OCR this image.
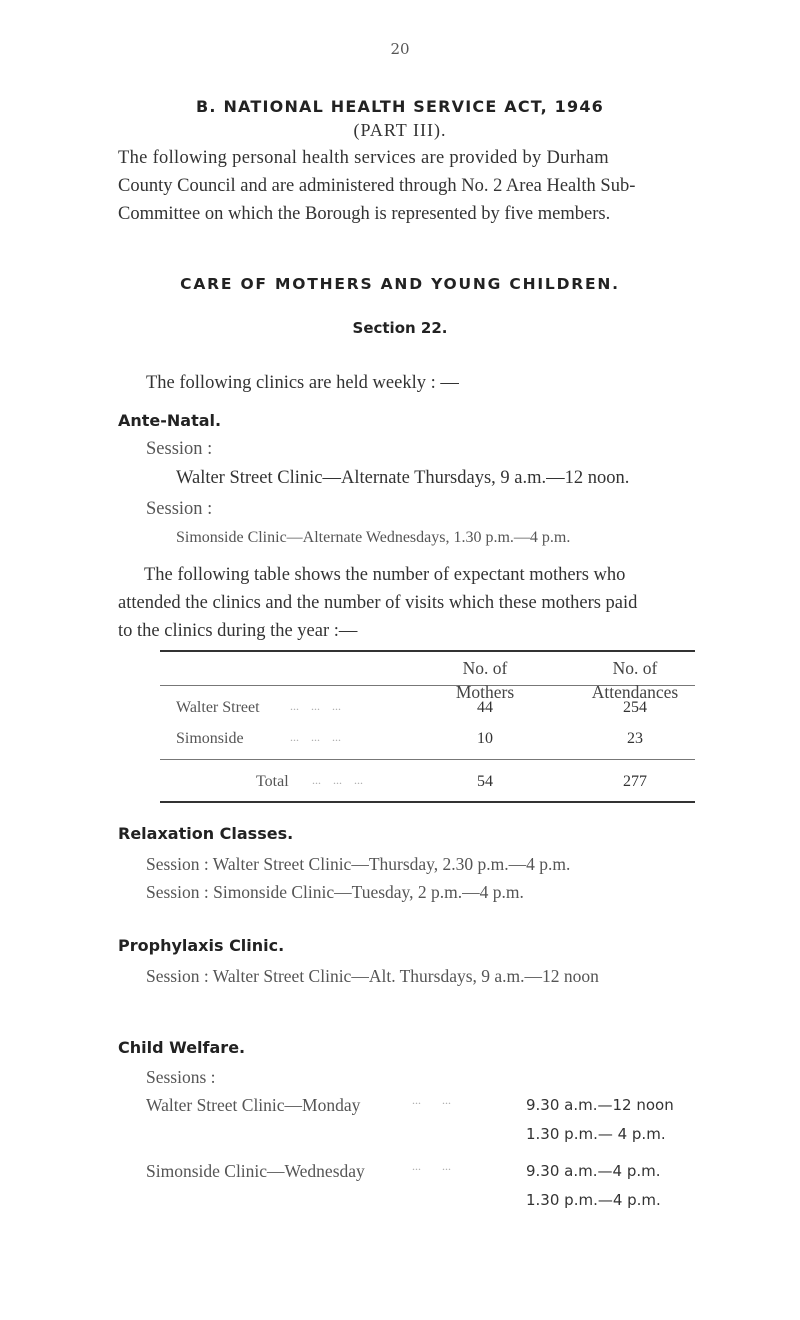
20
B. NATIONAL HEALTH SERVICE ACT, 1946
(PART III).
The following personal health services are provided by Durham
County Council and are administered through No. 2 Area Health Sub-
Committee on which the Borough is represented by five members.
CARE OF MOTHERS AND YOUNG CHILDREN.
Section 22.
The following clinics are held weekly : —
Ante-Natal.
Session :
Walter Street Clinic—Alternate Thursdays, 9 a.m.—12 noon.
Session :
Simonside Clinic—Alternate Wednesdays, 1.30 p.m.—4 p.m.
The following table shows the number of expectant mothers who
attended the clinics and the number of visits which these mothers paid
to the clinics during the year :—
No. of
Mothers
No. of
Attendances
Walter Street	...    ...    ...	44	254
Simonside	...    ...    ...	10	23
Total ...    ...    ...	54	277
Relaxation Classes.
Session : Walter Street Clinic—Thursday, 2.30 p.m.—4 p.m.
Session : Simonside Clinic—Tuesday, 2 p.m.—4 p.m.
Prophylaxis Clinic.
Session : Walter Street Clinic—Alt. Thursdays, 9 a.m.—12 noon
Child Welfare.
Sessions :
Walter Street Clinic—Monday	...       ...	9.30 a.m.—12 noon
1.30 p.m.— 4 p.m.
Simonside Clinic—Wednesday	...       ...	9.30 a.m.—4 p.m.
1.30 p.m.—4 p.m.
